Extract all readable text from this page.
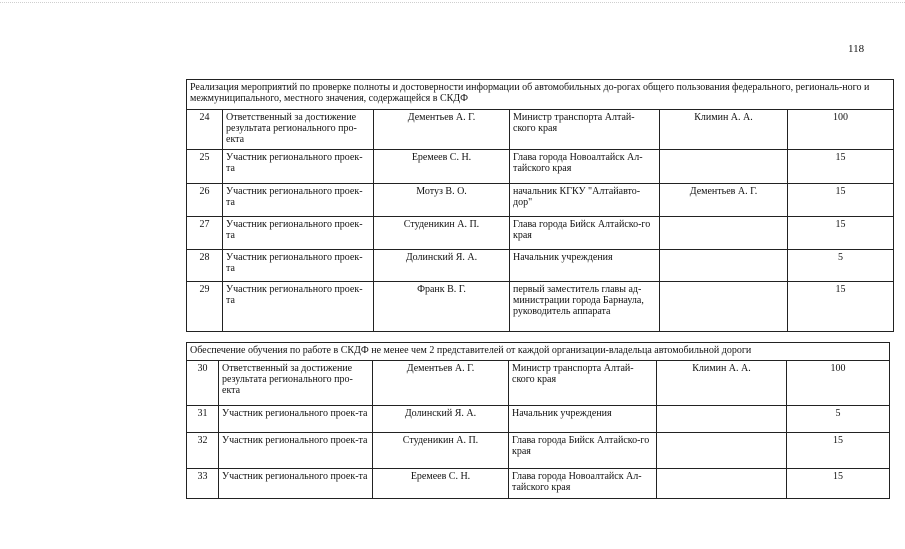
118
Реализация мероприятий по проверке полноты и достоверности информации об автомобильных до-рогах общего пользования федерального, региональ-ного и межмуниципального, местного значения, содержащейся в СКДФ					
24	Ответственный за достижение результата регионального про-екта	Дементьев А. Г.	Министр транспорта Алтай-ского края	Климин А. А.	100
25	Участник регионального проек-та	Еремеев С. Н.	Глава города Новоалтайск Ал-тайского края		15
26	Участник регионального проек-та	Мотуз В. О.	начальник КГКУ "Алтайавто-дор"	Дементьев А. Г.	15
27	Участник регионального проек-та	Студеникин А. П.	Глава города Бийск Алтайско-го края		15
28	Участник регионального проек-та	Долинский Я. А.	Начальник учреждения		5
29	Участник регионального проек-та	Франк В. Г.	первый заместитель главы ад-министрации города Барнаула, руководитель аппарата		15
Обеспечение обучения по работе в СКДФ не менее чем 2 представителей от каждой организации-владельца автомобильной дороги					
30	Ответственный за достижение результата регионального про-екта	Дементьев А. Г.	Министр транспорта Алтай-ского края	Климин А. А.	100
31	Участник регионального проек-та	Долинский Я. А.	Начальник учреждения		5
32	Участник регионального проек-та	Студеникин А. П.	Глава города Бийск Алтайско-го края		15
33	Участник регионального проек-та	Еремеев С. Н.	Глава города Новоалтайск Ал-тайского края		15
